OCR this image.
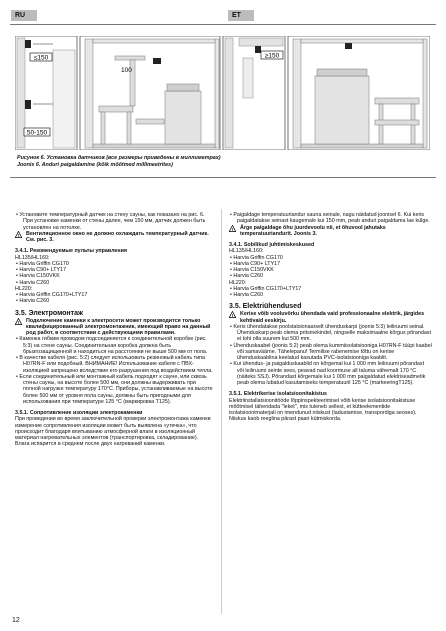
RU	ET
≤150
50-150
100
≥150
Рисунок 6. Установка датчиков (все размеры приведены в миллиметрах)
Joonis 6. Anduri paigaldamine (kõik mõõtmed millimeetrites)

• Установите температурный датчик на стену сауны, как показано на рис. 6. При установке каменки от стены далее, чем 150 мм, датчик должен быть установлен на потолке.

! Вентиляционное окно не должно охлаждать температурный датчик. См. рис. 3.

3.4.1. Рекомендуемые пульты управления

HL135/HL160:

• Harvia Griffin CG170

• Harvia C90+ LTY17

• Harvia C150VKK

• Harvia C260

HL220:

• Harvia Griffin CG170+LTY17

• Harvia C260

3.5. Электромонтаж

! Подключение каменки к электросети может производится только квалифицированный электромонтажник, имеющий право на данный род работ, в соответствии с действующими правилами.

• Каменка гибким проводом подсоединяется к соединительной коробке (рис. 5:3) на стене сауны. Соединительная коробка должна быть брызгозащищенной и находиться на расстоянии не выше 500 мм от пола.

• В качестве кабеля (рис. 5:2) следует использовать резиновый кабель типа H07RN-F или подобный. ВНИМАНИЕ! Использование кабеля с ПВХ-изоляцией запрещено вследствие его разрушения под воздействием тепла.

• Если соединительный или монтажный кабель подходят к сауне, или сквозь стены сауны, на высоте более 500 мм, они должны выдерживать при полной нагрузке температуру 170°C. Приборы, устанавливаемые на высоте более 500 мм от уровня пола сауны, должны быть пригодными для использования при температуре 125 °C (маркировка T125).

3.5.1. Сопротивление изоляции электрокаменки

При проведении во время заключительной проверки электромонтажа каменки измерение сопротивления изоляции может быть выявлена «утечка», что происходит благодаря впитыванию атмосферной влаги в изоляционный материал нагревательных элементов (транспортировка, складирование). Влага испарится в среднем после двух нагреваний каменки.

• Paigaldage temperatuuriandur sauna seinale, nagu näidatud joonisel 6. Kui keris paigaldatakse seinast kaugemale kui 150 mm, peab anduri paigaldama lae külge.

! Ärge paigaldage õhu juurdevoolu nii, et õhuvool jahutaks temperatuuriandurit. Joonis 3.

3.4.1. Sobilikud juhtimiskeskused

HL135/HL160:

• Harvia Griffin CG170

• Harvia C90+ LTY17

• Harvia C150VKK

• Harvia C260

HL220:

• Harvia Griffin CG170+LTY17

• Harvia C260

3.5. Elektriühendused

! Kerise võib vooluvõrku ühendada vaid professionaalne elektrik, järgides kehtivaid eeskirju.

• Keris ühendatakse poolstatsionaarselt ühenduskarpi (joonis 5:3) leiliruumi seinal. Ühenduskarp peab olema pritsmekindel, ningselle maksimaalne kõrgus põrandast ei tohi olla suurem kui 500 mm.

• Ühenduskaabel (joonis 5:2) peab olema kummiisolatsiooniga H07RN-F tüüpi kaabel või samaväärne. Tähelepanu! Termilise rabenemise tõttu on kerise ühenduskaablina keelatud kasutada PVC-isolatsiooniga kaablit.

• Kui ühendus- ja paigalduskaablid on kõrgemal kui 1 000 mm leiliruumi põrandast või leiliruumi seinte sees, peavad nad koormuse all taluma vähemalt 170 °C (näiteks SSJ). Põrandast kõrgemale kui 1 000 mm paigaldatud elektriseadmetik peab olema lubatud kasutamiseks temperatuuril 125 °C (markeeringT125).

3.5.1. Elektrikerise isolatsioonitakistus

Elektriinstallatsioonitööde lõppinspekteerimisel võib kerise isolatsioonitakistuse mõõtmisel tähendada "leket", mis tuleneb sellest, et kütteelementide isolatsioonimaterjali on imendunud niiskust (ladustamise, transpordiga seoses). Niiskus kaob reeglina pärast paari kütmiskorda.

12
